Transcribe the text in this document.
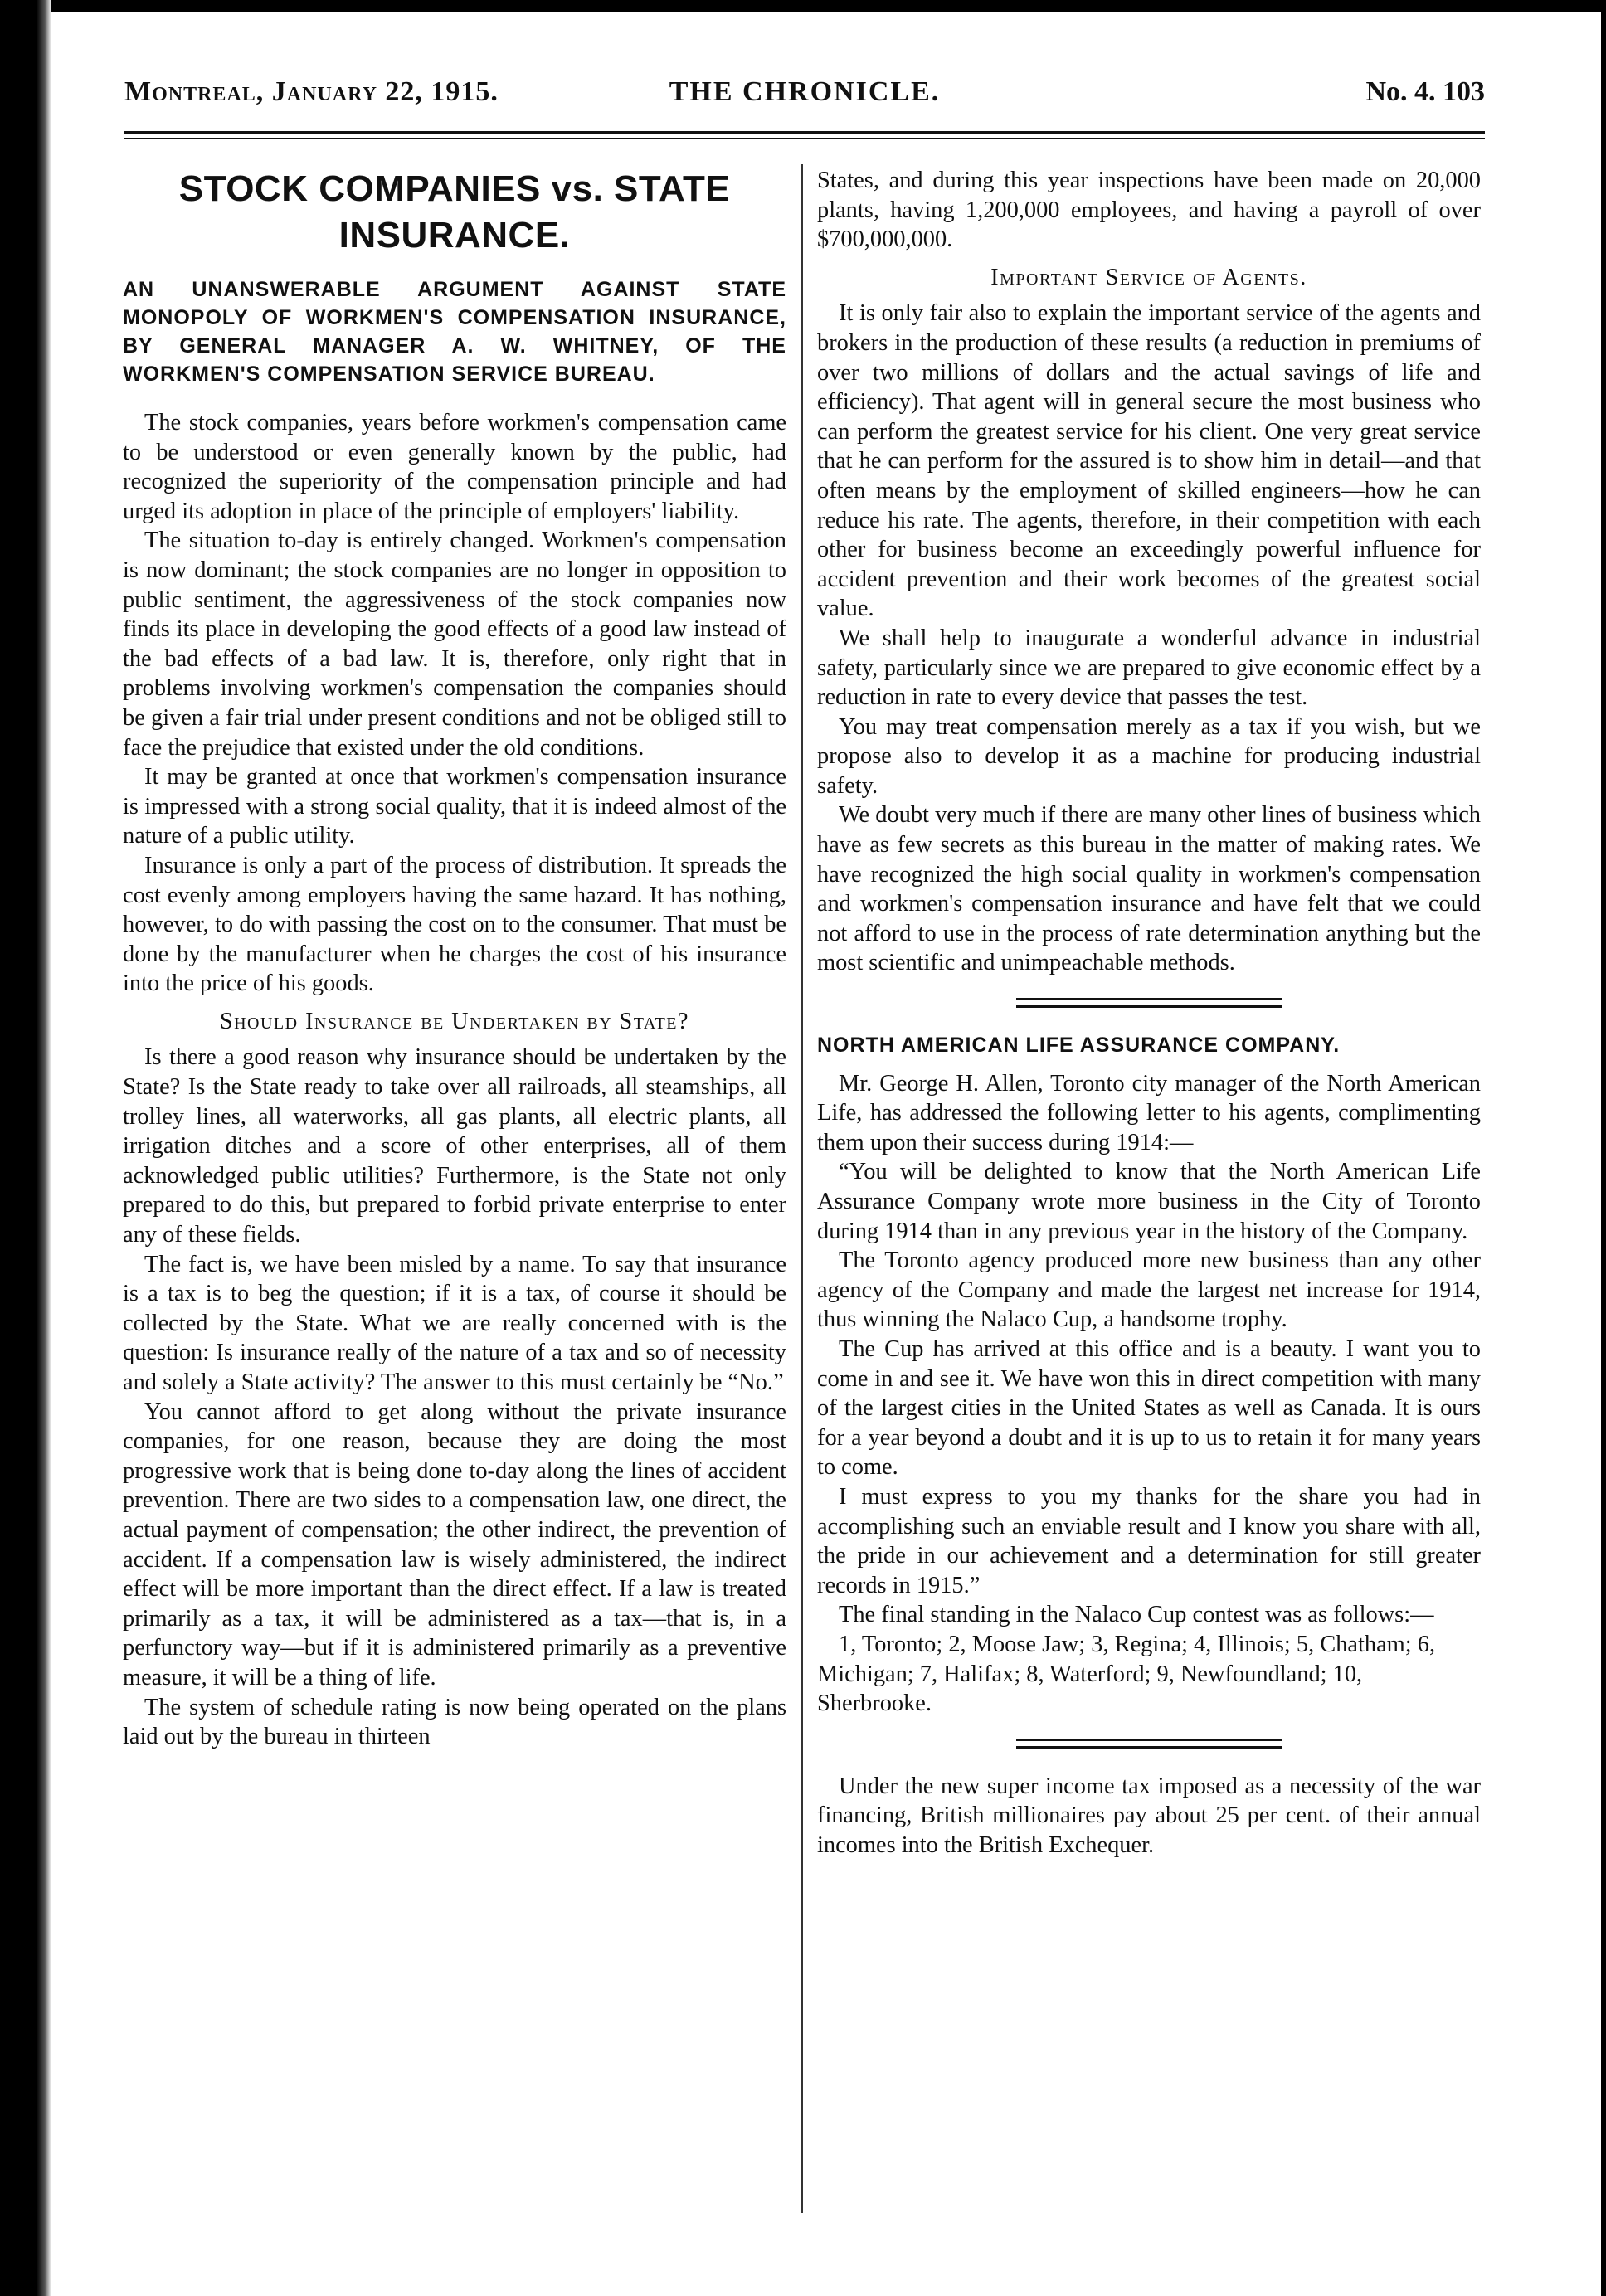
Montreal, January 22, 1915.	THE CHRONICLE.	No. 4. 103
STOCK COMPANIES vs. STATE INSURANCE.
AN UNANSWERABLE ARGUMENT AGAINST STATE MONOPOLY OF WORKMEN'S COMPENSATION INSURANCE, BY GENERAL MANAGER A. W. WHITNEY, OF THE WORKMEN'S COMPENSATION SERVICE BUREAU.

The stock companies, years before workmen's compensation came to be understood or even generally known by the public, had recognized the superiority of the compensation principle and had urged its adoption in place of the principle of employers' liability.

The situation to-day is entirely changed. Workmen's compensation is now dominant; the stock companies are no longer in opposition to public sentiment, the aggressiveness of the stock companies now finds its place in developing the good effects of a good law instead of the bad effects of a bad law. It is, therefore, only right that in problems involving workmen's compensation the companies should be given a fair trial under present conditions and not be obliged still to face the prejudice that existed under the old conditions.

It may be granted at once that workmen's compensation insurance is impressed with a strong social quality, that it is indeed almost of the nature of a public utility.

Insurance is only a part of the process of distribution. It spreads the cost evenly among employers having the same hazard. It has nothing, however, to do with passing the cost on to the consumer. That must be done by the manufacturer when he charges the cost of his insurance into the price of his goods.

Should Insurance be Undertaken by State?

Is there a good reason why insurance should be undertaken by the State? Is the State ready to take over all railroads, all steamships, all trolley lines, all waterworks, all gas plants, all electric plants, all irrigation ditches and a score of other enterprises, all of them acknowledged public utilities? Furthermore, is the State not only prepared to do this, but prepared to forbid private enterprise to enter any of these fields.

The fact is, we have been misled by a name. To say that insurance is a tax is to beg the question; if it is a tax, of course it should be collected by the State. What we are really concerned with is the question: Is insurance really of the nature of a tax and so of necessity and solely a State activity? The answer to this must certainly be “No.”

You cannot afford to get along without the private insurance companies, for one reason, because they are doing the most progressive work that is being done to-day along the lines of accident prevention. There are two sides to a compensation law, one direct, the actual payment of compensation; the other indirect, the prevention of accident. If a compensation law is wisely administered, the indirect effect will be more important than the direct effect. If a law is treated primarily as a tax, it will be administered as a tax—that is, in a perfunctory way—but if it is administered primarily as a preventive measure, it will be a thing of life.

The system of schedule rating is now being operated on the plans laid out by the bureau in thirteen

States, and during this year inspections have been made on 20,000 plants, having 1,200,000 employees, and having a payroll of over $700,000,000.

Important Service of Agents.

It is only fair also to explain the important service of the agents and brokers in the production of these results (a reduction in premiums of over two millions of dollars and the actual savings of life and efficiency). That agent will in general secure the most business who can perform the greatest service for his client. One very great service that he can perform for the assured is to show him in detail—and that often means by the employment of skilled engineers—how he can reduce his rate. The agents, therefore, in their competition with each other for business become an exceedingly powerful influence for accident prevention and their work becomes of the greatest social value.

We shall help to inaugurate a wonderful advance in industrial safety, particularly since we are prepared to give economic effect by a reduction in rate to every device that passes the test.

You may treat compensation merely as a tax if you wish, but we propose also to develop it as a machine for producing industrial safety.

We doubt very much if there are many other lines of business which have as few secrets as this bureau in the matter of making rates. We have recognized the high social quality in workmen's compensation and workmen's compensation insurance and have felt that we could not afford to use in the process of rate determination anything but the most scientific and unimpeachable methods.

NORTH AMERICAN LIFE ASSURANCE COMPANY.

Mr. George H. Allen, Toronto city manager of the North American Life, has addressed the following letter to his agents, complimenting them upon their success during 1914:—

“You will be delighted to know that the North American Life Assurance Company wrote more business in the City of Toronto during 1914 than in any previous year in the history of the Company.

The Toronto agency produced more new business than any other agency of the Company and made the largest net increase for 1914, thus winning the Nalaco Cup, a handsome trophy.

The Cup has arrived at this office and is a beauty. I want you to come in and see it. We have won this in direct competition with many of the largest cities in the United States as well as Canada. It is ours for a year beyond a doubt and it is up to us to retain it for many years to come.

I must express to you my thanks for the share you had in accomplishing such an enviable result and I know you share with all, the pride in our achievement and a determination for still greater records in 1915.”

The final standing in the Nalaco Cup contest was as follows:—

1, Toronto; 2, Moose Jaw; 3, Regina; 4, Illinois; 5, Chatham; 6, Michigan; 7, Halifax; 8, Waterford; 9, Newfoundland; 10, Sherbrooke.

Under the new super income tax imposed as a necessity of the war financing, British millionaires pay about 25 per cent. of their annual incomes into the British Exchequer.
